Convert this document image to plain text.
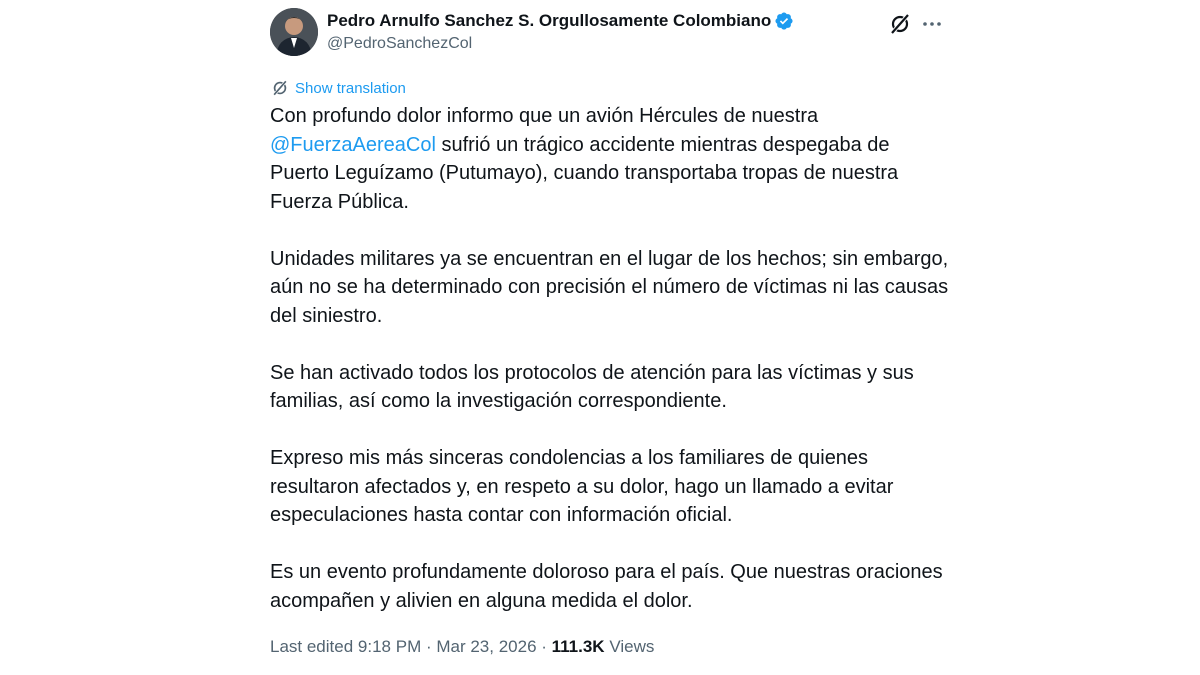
Pedro Arnulfo Sanchez S. Orgullosamente Colombiano
@PedroSanchezCol
Show translation

Con profundo dolor informo que un avión Hércules de nuestra @FuerzaAereaCol sufrió un trágico accidente mientras despegaba de Puerto Leguízamo (Putumayo), cuando transportaba tropas de nuestra Fuerza Pública.

Unidades militares ya se encuentran en el lugar de los hechos; sin embargo, aún no se ha determinado con precisión el número de víctimas ni las causas del siniestro.

Se han activado todos los protocolos de atención para las víctimas y sus familias, así como la investigación correspondiente.

Expreso mis más sinceras condolencias a los familiares de quienes resultaron afectados y, en respeto a su dolor, hago un llamado a evitar especulaciones hasta contar con información oficial.

Es un evento profundamente doloroso para el país. Que nuestras oraciones acompañen y alivien en alguna medida el dolor.

Last edited 9:18 PM · Mar 23, 2026 · 111.3K Views
